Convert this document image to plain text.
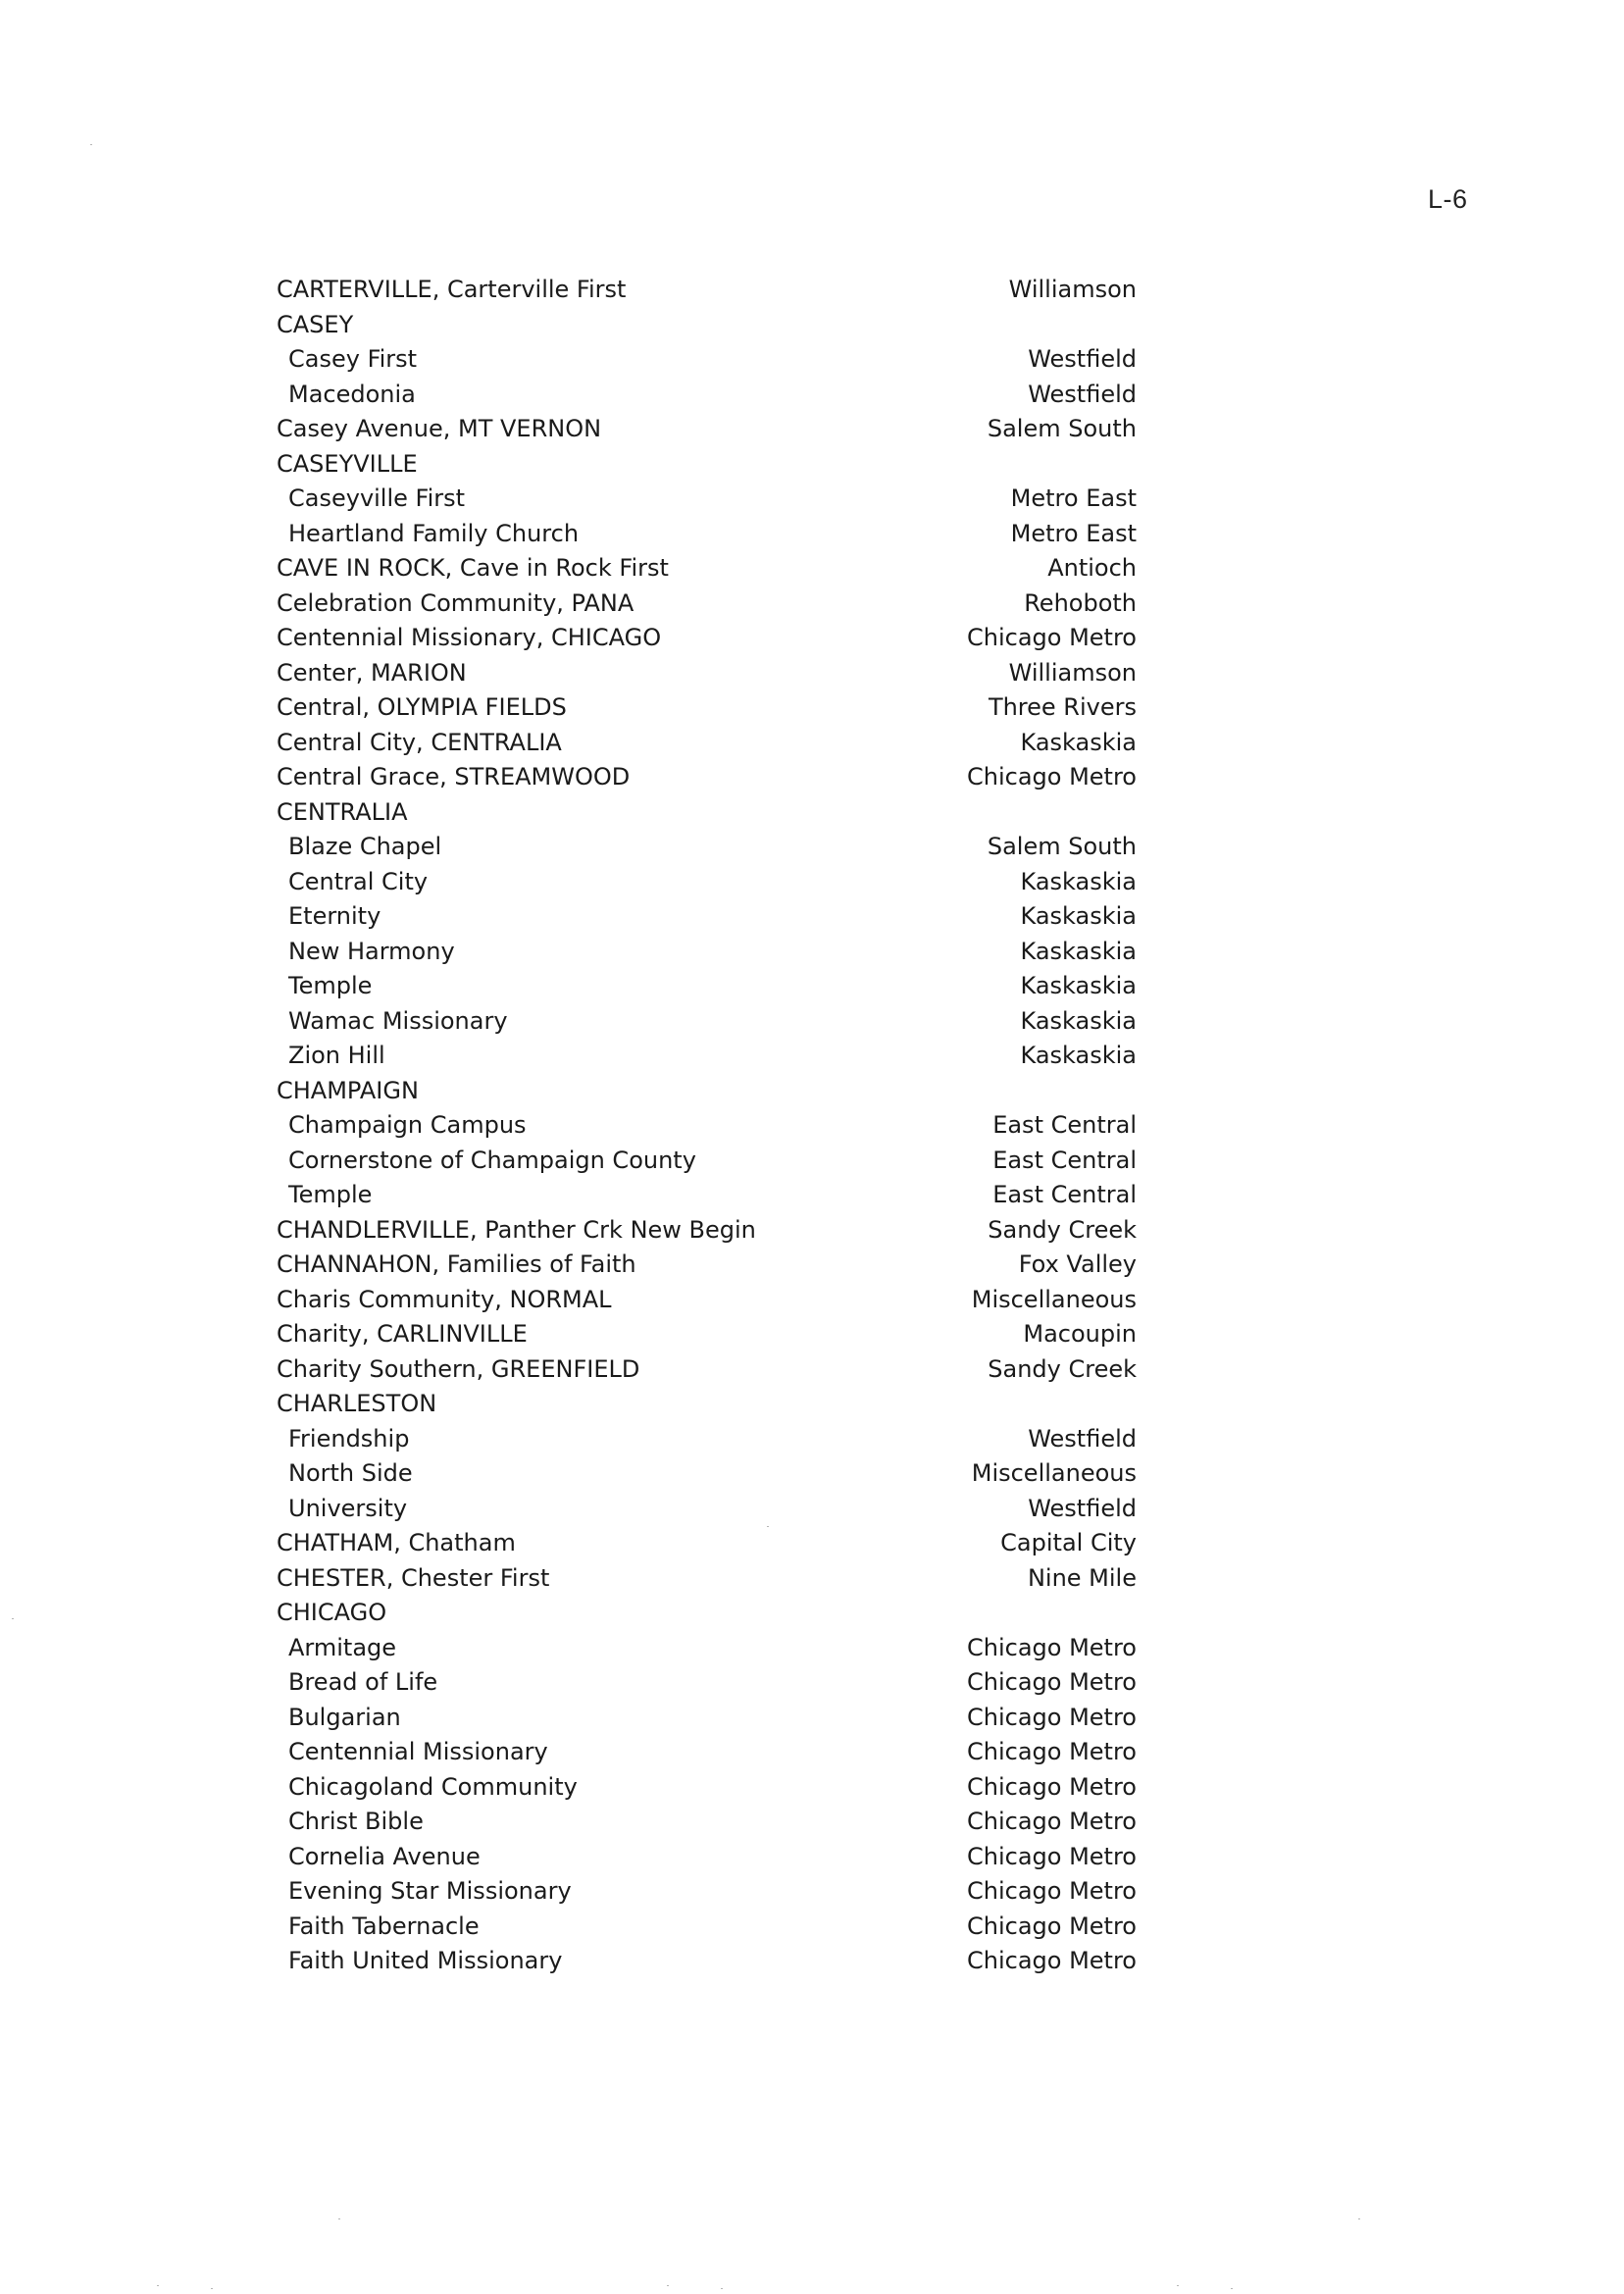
L-6
CARTERVILLE, Carterville First	Williamson
CASEY
Casey First	Westfield
Macedonia	Westfield
Casey Avenue, MT VERNON	Salem South
CASEYVILLE
Caseyville First	Metro East
Heartland Family Church	Metro East
CAVE IN ROCK, Cave in Rock First	Antioch
Celebration Community, PANA	Rehoboth
Centennial Missionary, CHICAGO	Chicago Metro
Center, MARION	Williamson
Central, OLYMPIA FIELDS	Three Rivers
Central City, CENTRALIA	Kaskaskia
Central Grace, STREAMWOOD	Chicago Metro
CENTRALIA
Blaze Chapel	Salem South
Central City	Kaskaskia
Eternity	Kaskaskia
New Harmony	Kaskaskia
Temple	Kaskaskia
Wamac Missionary	Kaskaskia
Zion Hill	Kaskaskia
CHAMPAIGN
Champaign Campus	East Central
Cornerstone of Champaign County	East Central
Temple	East Central
CHANDLERVILLE, Panther Crk New Begin	Sandy Creek
CHANNAHON, Families of Faith	Fox Valley
Charis Community, NORMAL	Miscellaneous
Charity, CARLINVILLE	Macoupin
Charity Southern, GREENFIELD	Sandy Creek
CHARLESTON
Friendship	Westfield
North Side	Miscellaneous
University	Westfield
CHATHAM, Chatham	Capital City
CHESTER, Chester First	Nine Mile
CHICAGO
Armitage	Chicago Metro
Bread of Life	Chicago Metro
Bulgarian	Chicago Metro
Centennial Missionary	Chicago Metro
Chicagoland Community	Chicago Metro
Christ Bible	Chicago Metro
Cornelia Avenue	Chicago Metro
Evening Star Missionary	Chicago Metro
Faith Tabernacle	Chicago Metro
Faith United Missionary	Chicago Metro
